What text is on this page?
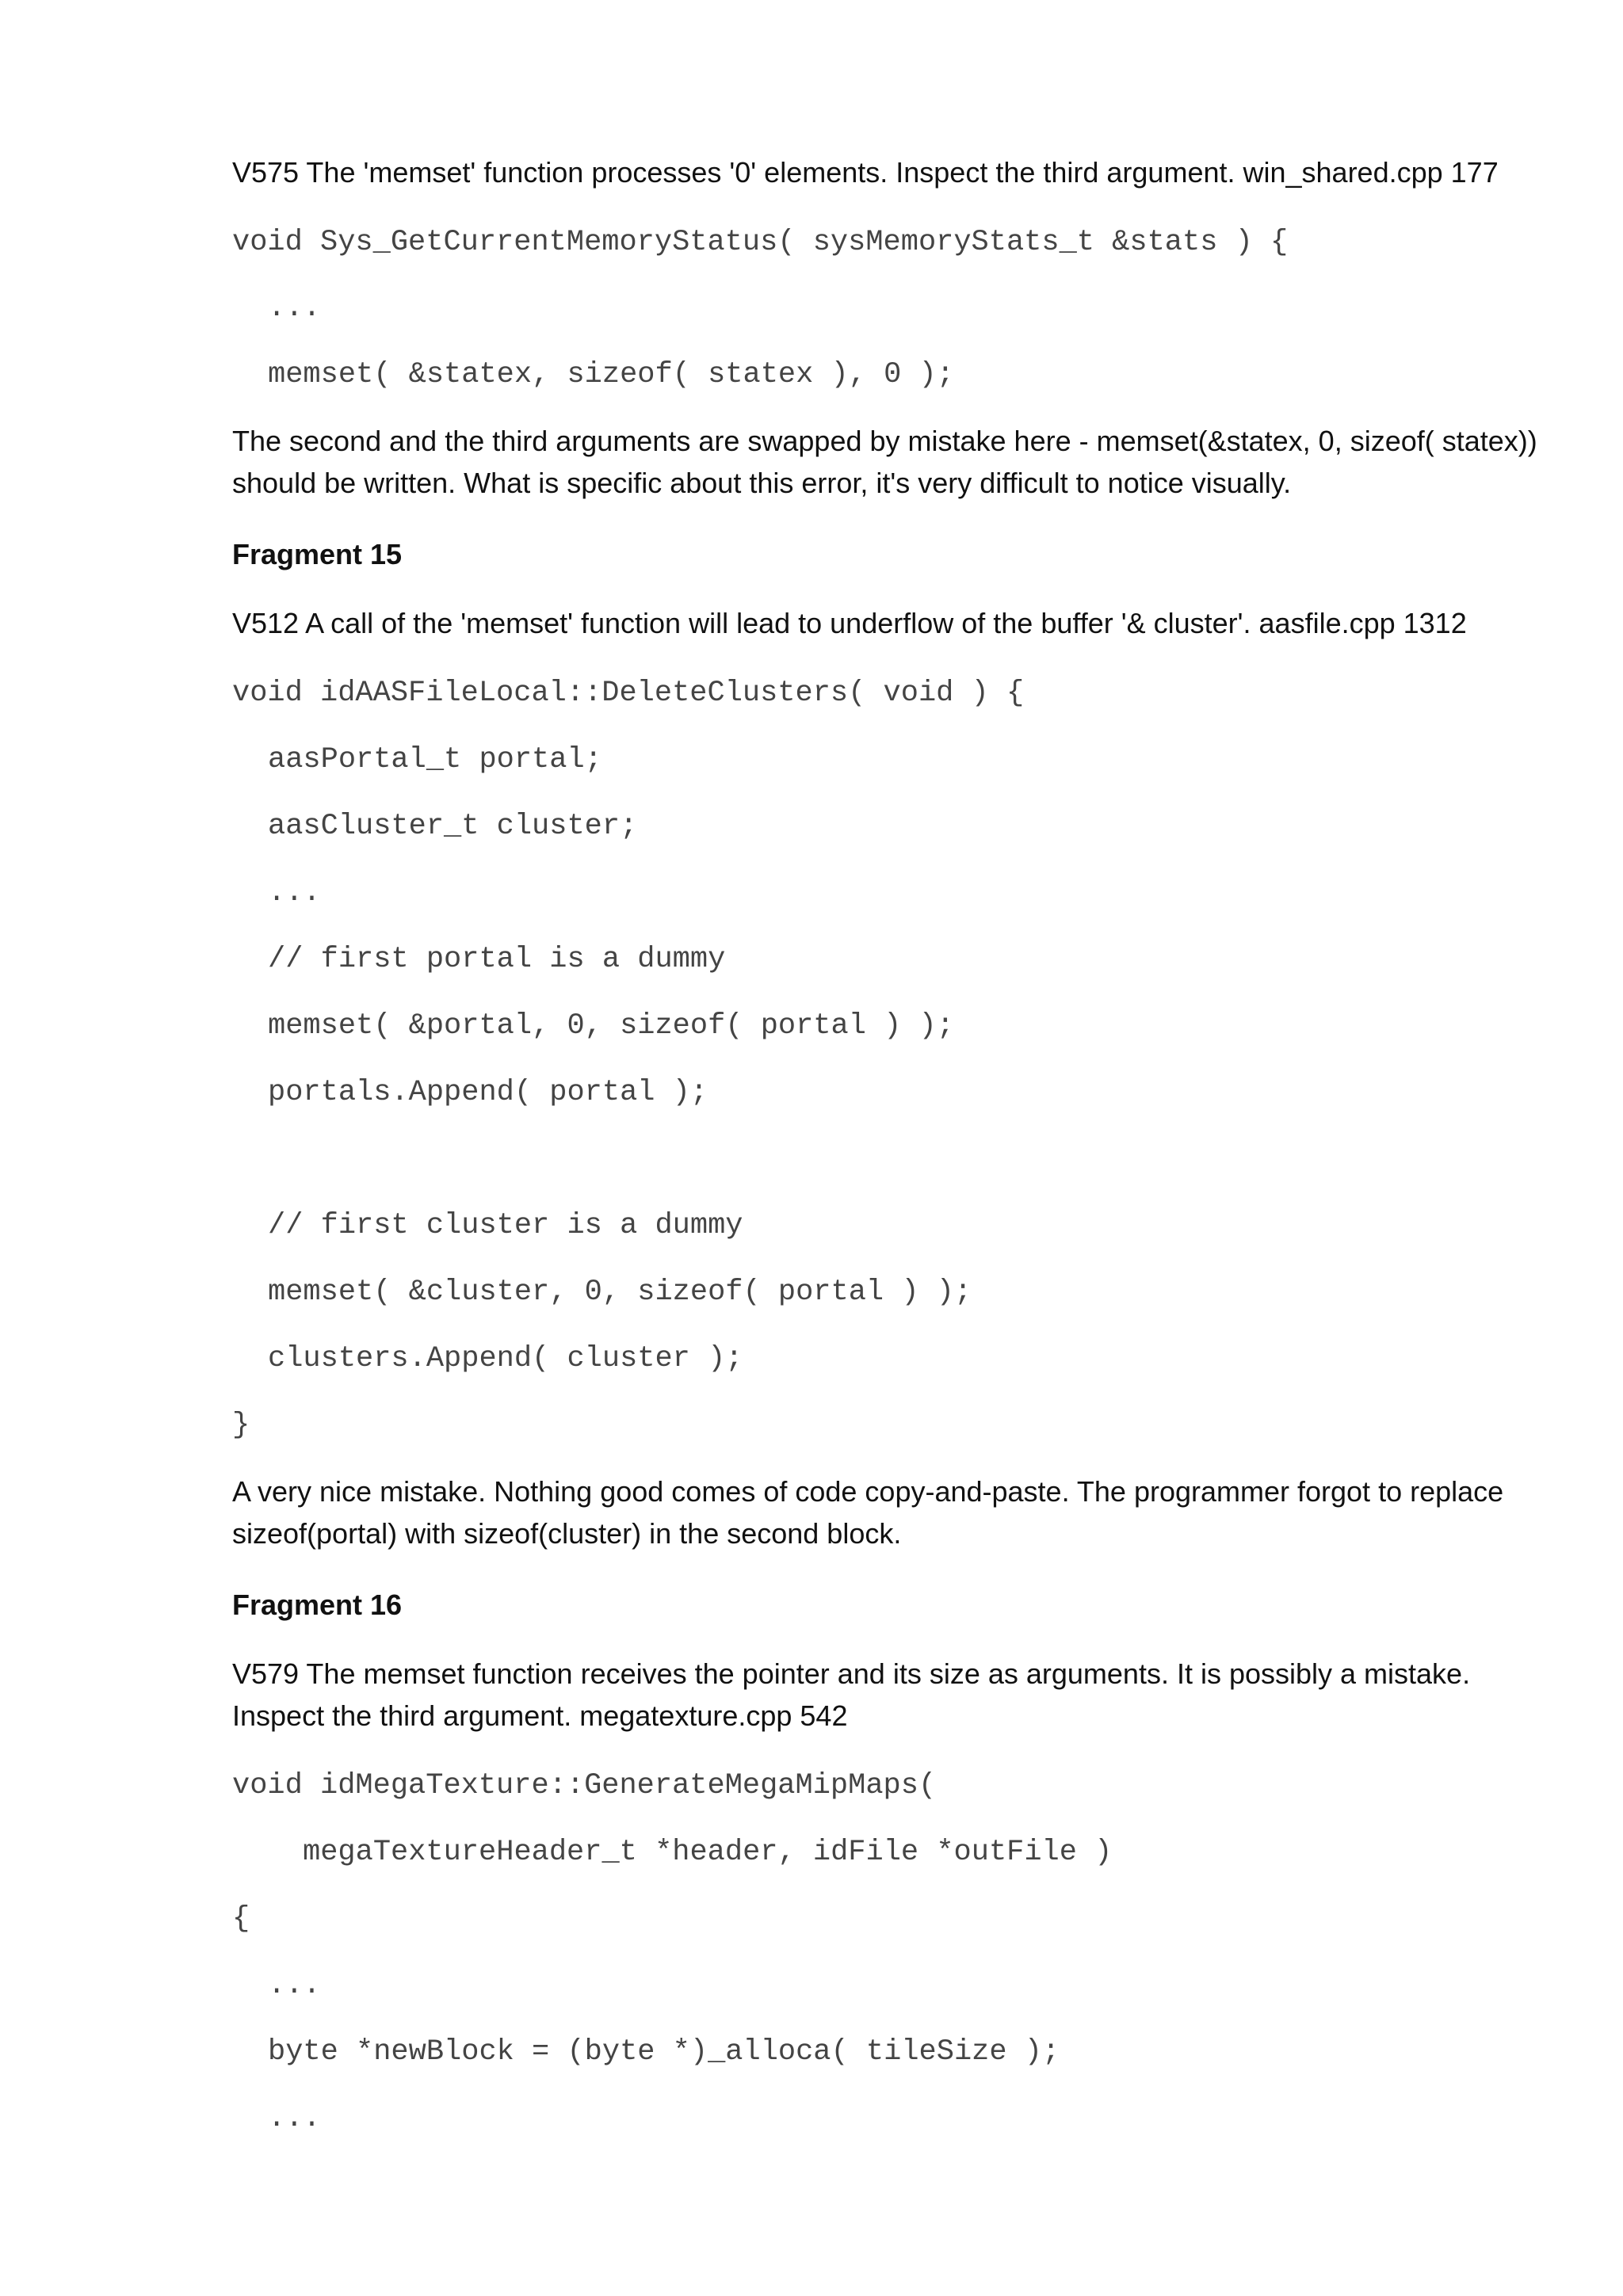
V575 The 'memset' function processes '0' elements. Inspect the third argument. win_shared.cpp 177

void Sys_GetCurrentMemoryStatus( sysMemoryStats_t &stats ) {

...

memset( &statex, sizeof( statex ), 0 );

The second and the third arguments are swapped by mistake here - memset(&statex, 0, sizeof( statex))

should be written. What is specific about this error, it's very difficult to notice visually.

Fragment 15

V512 A call of the 'memset' function will lead to underflow of the buffer '& cluster'. aasfile.cpp 1312

void idAASFileLocal::DeleteClusters( void ) {

aasPortal_t portal;

aasCluster_t cluster;

...

// first portal is a dummy

memset( &portal, 0, sizeof( portal ) );

portals.Append( portal );

// first cluster is a dummy

memset( &cluster, 0, sizeof( portal ) );

clusters.Append( cluster );

}

A very nice mistake. Nothing good comes of code copy-and-paste. The programmer forgot to replace

sizeof(portal) with sizeof(cluster) in the second block.

Fragment 16

V579 The memset function receives the pointer and its size as arguments. It is possibly a mistake.

Inspect the third argument. megatexture.cpp 542

void idMegaTexture::GenerateMegaMipMaps(

megaTextureHeader_t *header, idFile *outFile )

{

...

byte *newBlock = (byte *)_alloca( tileSize );

...
